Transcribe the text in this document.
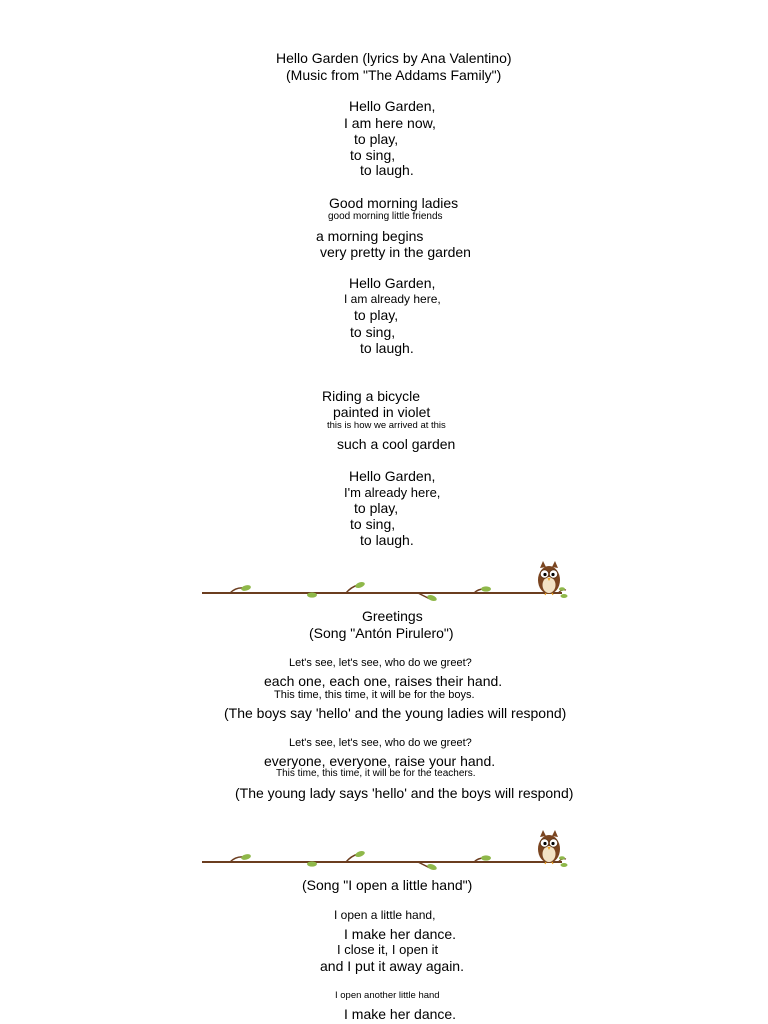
Hello Garden (lyrics by Ana Valentino)
(Music from "The Addams Family")
Hello Garden,
I am here now,
to play,
to sing,
to laugh.
Good morning ladies
good morning little friends
a morning begins
very pretty in the garden
Hello Garden,
I am already here,
to play,
to sing,
to laugh.
Riding a bicycle
painted in violet
this is how we arrived at this
such a cool garden
Hello Garden,
I'm already here,
to play,
to sing,
to laugh.
Greetings
(Song "Antón Pirulero")
Let's see, let's see, who do we greet?
each one, each one, raises their hand.
This time, this time, it will be for the boys.
(The boys say 'hello' and the young ladies will respond)
Let's see, let's see, who do we greet?
everyone, everyone, raise your hand.
This time, this time, it will be for the teachers.
(The young lady says 'hello' and the boys will respond)
(Song "I open a little hand")
I open a little hand,
I make her dance.
I close it, I open it
and I put it away again.
I open another little hand
I make her dance.
